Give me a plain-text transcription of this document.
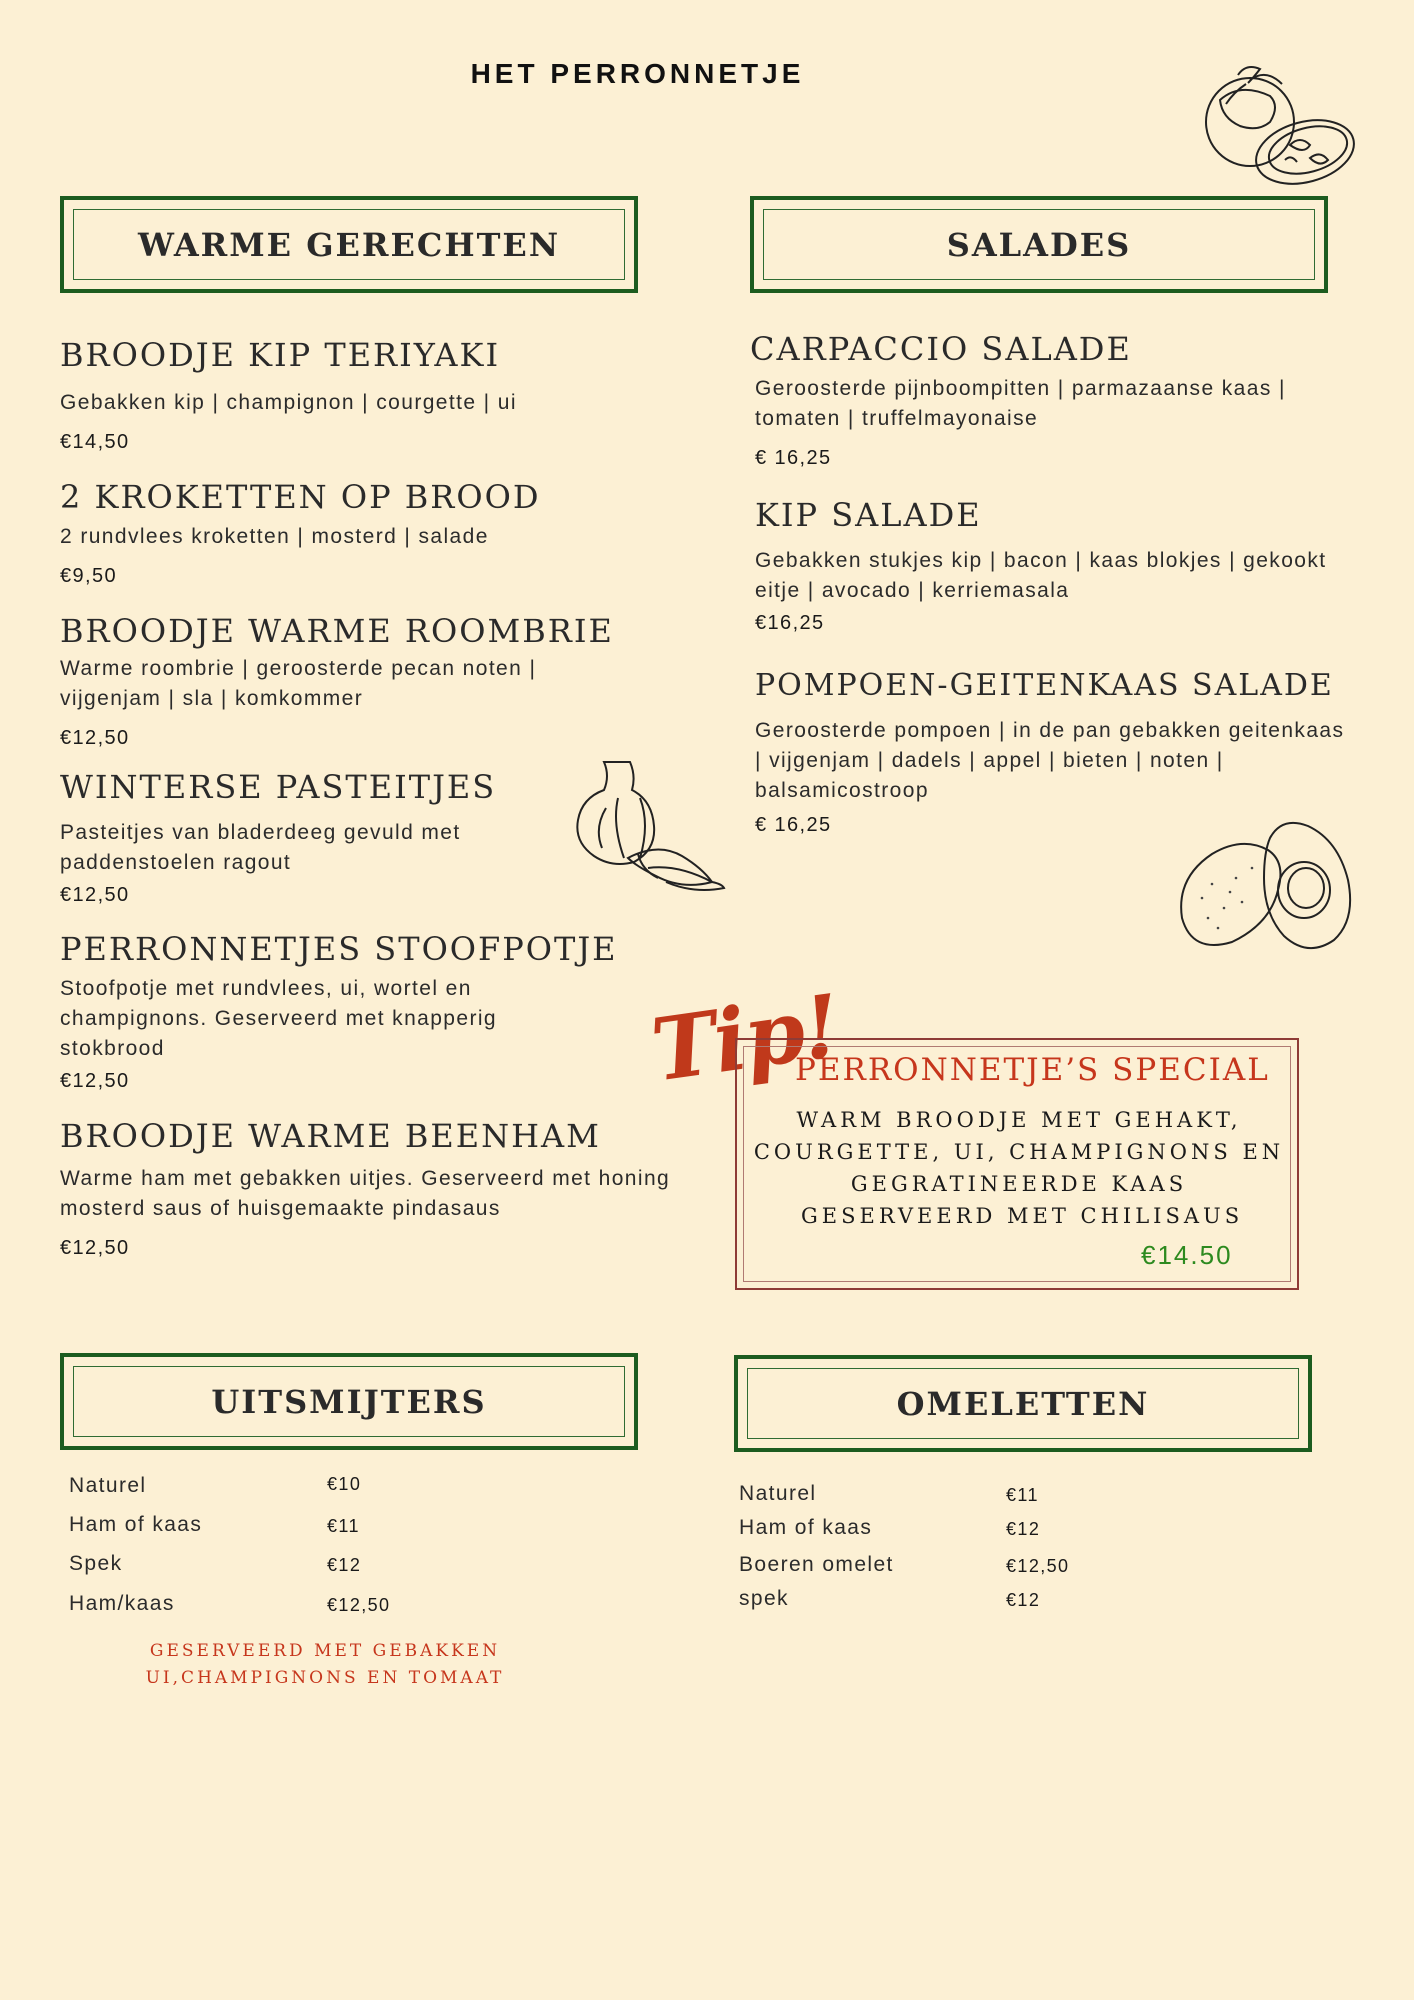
HET PERRONNETJE
WARME GERECHTEN	SALADES
BROODJE KIP TERIYAKI
Gebakken kip | champignon | courgette | ui
€14,50
2 KROKETTEN OP BROOD
2 rundvlees kroketten | mosterd | salade
€9,50
BROODJE WARME ROOMBRIE
Warme roombrie | geroosterde pecan noten | vijgenjam | sla | komkommer
€12,50
WINTERSE PASTEITJES
Pasteitjes van bladerdeeg gevuld met paddenstoelen ragout
€12,50
PERRONNETJES STOOFPOTJE
Stoofpotje met rundvlees, ui, wortel en champignons. Geserveerd met knapperig stokbrood
€12,50
BROODJE WARME BEENHAM
Warme ham met gebakken uitjes. Geserveerd met honing mosterd saus of huisgemaakte pindasaus
€12,50
CARPACCIO SALADE
Geroosterde pijnboompitten | parmazaanse kaas | tomaten | truffelmayonaise
€ 16,25
KIP SALADE
Gebakken stukjes kip | bacon | kaas blokjes | gekookt eitje | avocado | kerriemasala
€16,25
POMPOEN-GEITENKAAS SALADE
Geroosterde pompoen | in de pan gebakken geitenkaas | vijgenjam | dadels | appel | bieten | noten | balsamicostroop
€ 16,25
Tip!
PERRONNETJE’S SPECIAL
WARM BROODJE MET GEHAKT,
COURGETTE, UI, CHAMPIGNONS EN
GEGRATINEERDE KAAS
GESERVEERD MET CHILISAUS
€14.50
UITSMIJTERS	OMELETTEN
Naturel	€10
Ham of kaas	€11
Spek	€12
Ham/kaas	€12,50
GESERVEERD MET GEBAKKEN UI,CHAMPIGNONS EN TOMAAT
Naturel	€11
Ham of kaas	€12
Boeren omelet	€12,50
spek	€12
